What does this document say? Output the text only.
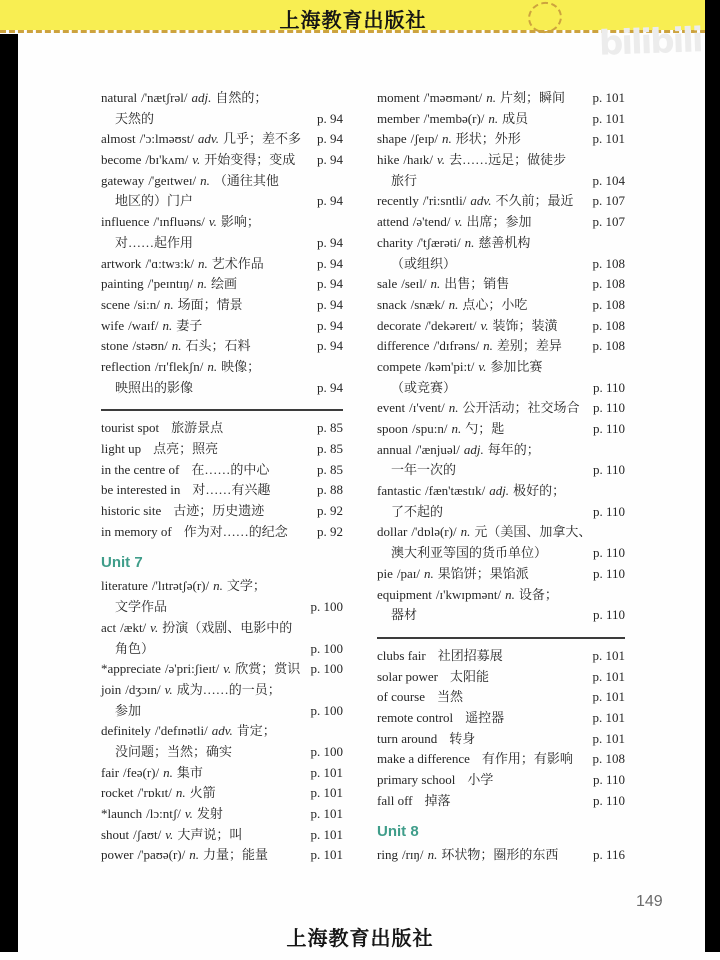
上海教育出版社	bilibili
natural /'nætʃrəl/ adj. 自然的；
天然的	p. 94
almost /'ɔ:lməʊst/ adv. 几乎；差不多	p. 94
become /bɪ'kʌm/ v. 开始变得；变成	p. 94
gateway /'geɪtweɪ/ n. （通往其他
地区的）门户	p. 94
influence /'ɪnfluəns/ v. 影响；
对……起作用	p. 94
artwork /'ɑ:twɜ:k/ n. 艺术作品	p. 94
painting /'peɪntɪŋ/ n. 绘画	p. 94
scene /si:n/ n. 场面；情景	p. 94
wife /waɪf/ n. 妻子	p. 94
stone /stəʊn/ n. 石头；石料	p. 94
reflection /rɪ'flekʃn/ n. 映像；
映照出的影像	p. 94
tourist spot 旅游景点	p. 85
light up 点亮；照亮	p. 85
in the centre of 在……的中心	p. 85
be interested in 对……有兴趣	p. 88
historic site 古迹；历史遗迹	p. 92
in memory of 作为对……的纪念	p. 92
Unit 7
literature /'lɪtrətʃə(r)/ n. 文学；
文学作品	p. 100
act /ækt/ v. 扮演（戏剧、电影中的
角色）	p. 100
*appreciate /ə'pri:ʃieɪt/ v. 欣赏；赏识 p. 100
join /dʒɔɪn/ v. 成为……的一员；
参加	p. 100
definitely /'defɪnətli/ adv. 肯定；
没问题；当然；确实	p. 100
fair /feə(r)/ n. 集市	p. 101
rocket /'rɒkɪt/ n. 火箭	p. 101
*launch /lɔ:ntʃ/ v. 发射	p. 101
shout /ʃaʊt/ v. 大声说；叫	p. 101
power /'paʊə(r)/ n. 力量；能量	p. 101
moment /'məʊmənt/ n. 片刻；瞬间	p. 101
member /'membə(r)/ n. 成员	p. 101
shape /ʃeɪp/ n. 形状；外形	p. 101
hike /haɪk/ v. 去……远足；做徒步
旅行	p. 104
recently /'ri:sntli/ adv. 不久前；最近	p. 107
attend /ə'tend/ v. 出席；参加	p. 107
charity /'tʃærəti/ n. 慈善机构
（或组织）	p. 108
sale /seɪl/ n. 出售；销售	p. 108
snack /snæk/ n. 点心；小吃	p. 108
decorate /'dekəreɪt/ v. 装饰；装潢	p. 108
difference /'dɪfrəns/ n. 差别；差异	p. 108
compete /kəm'pi:t/ v. 参加比赛
（或竞赛）	p. 110
event /ɪ'vent/ n. 公开活动；社交场合	p. 110
spoon /spu:n/ n. 勺；匙	p. 110
annual /'ænjuəl/ adj. 每年的；
一年一次的	p. 110
fantastic /fæn'tæstɪk/ adj. 极好的；
了不起的	p. 110
dollar /'dɒlə(r)/ n. 元（美国、加拿大、
澳大利亚等国的货币单位）	p. 110
pie /paɪ/ n. 果馅饼；果馅派	p. 110
equipment /ɪ'kwɪpmənt/ n. 设备；
器材	p. 110
clubs fair 社团招募展	p. 101
solar power 太阳能	p. 101
of course 当然	p. 101
remote control 遥控器	p. 101
turn around 转身	p. 101
make a difference 有作用；有影响	p. 108
primary school 小学	p. 110
fall off 掉落	p. 110
Unit 8
ring /rɪŋ/ n. 环状物；圈形的东西	p. 116
149
上海教育出版社
